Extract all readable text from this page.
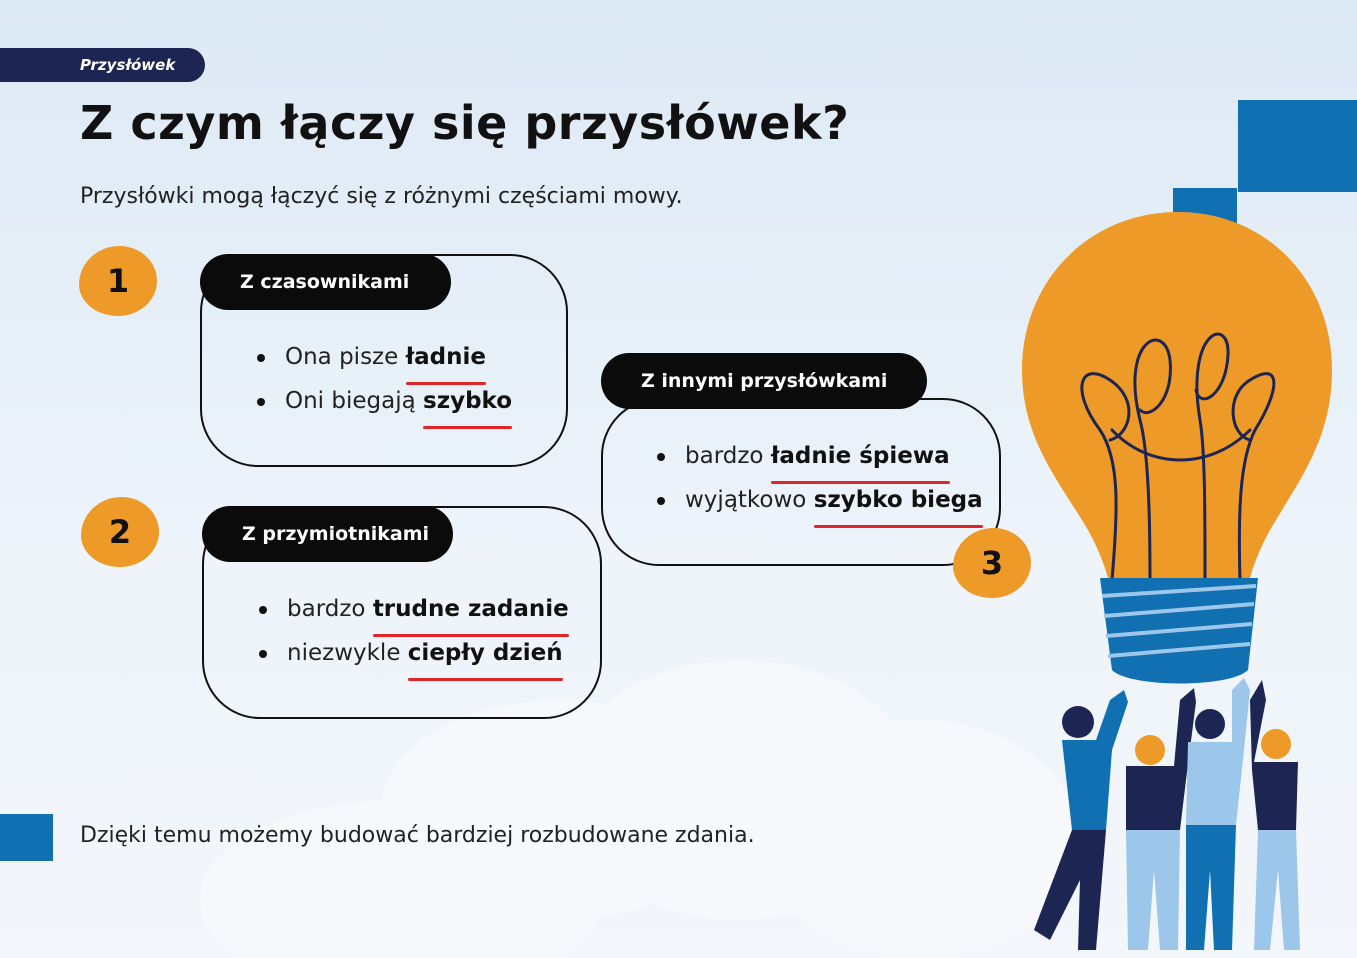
Przysłówek
Z czym łączy się przysłówek?
Przysłówki mogą łączyć się z różnymi częściami mowy.
1	Z czasownikami
Ona pisze ładnie
Oni biegają szybko
2	Z przymiotnikami
bardzo trudne zadanie
niezwykle ciepły dzień
Z innymi przysłówkami
bardzo ładnie śpiewa
wyjątkowo szybko biega
3
Dzięki temu możemy budować bardziej rozbudowane zdania.
